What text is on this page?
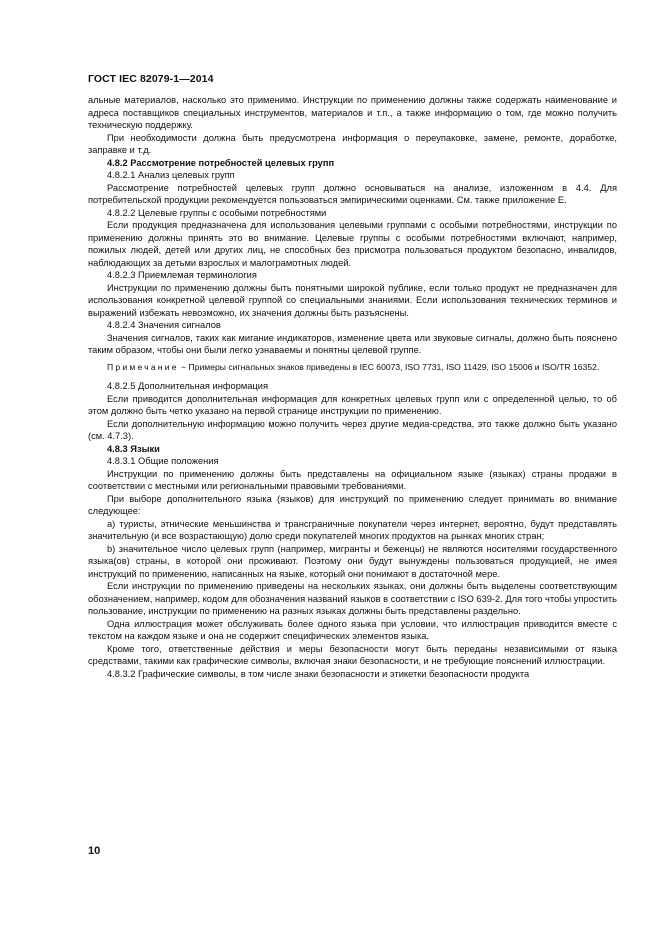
ГОСТ IEC 82079-1—2014

альные материалов, насколько это применимо. Инструкции по применению должны также содержать наименование и адреса поставщиков специальных инструментов, материалов и т.п., а также информацию о том, где можно получить техническую поддержку.

При необходимости должна быть предусмотрена информация о переупаковке, замене, ремонте, доработке, заправке и т.д.

4.8.2 Рассмотрение потребностей целевых групп

4.8.2.1 Анализ целевых групп

Рассмотрение потребностей целевых групп должно основываться на анализе, изложенном в 4.4. Для потребительской продукции рекомендуется пользоваться эмпирическими оценками. См. также приложение Е.

4.8.2.2 Целевые группы с особыми потребностями

Если продукция предназначена для использования целевыми группами с особыми потребностями, инструкции по применению должны принять это во внимание. Целевые группы с особыми потребностями включают, например, пожилых людей, детей или других лиц, не способных без присмотра пользоваться продуктом безопасно, инвалидов, наблюдающих за детьми взрослых и малограмотных людей.

4.8.2.3 Приемлемая терминология

Инструкции по применению должны быть понятными широкой публике, если только продукт не предназначен для использования конкретной целевой группой со специальными знаниями. Если использования технических терминов и выражений избежать невозможно, их значения должны быть разъяснены.

4.8.2.4 Значения сигналов

Значения сигналов, таких как мигание индикаторов, изменение цвета или звуковые сигналы, должно быть пояснено таким образом, чтобы они были легко узнаваемы и понятны целевой группе.

Примечание − Примеры сигнальных знаков приведены в IEC 60073, ISO 7731, ISO 11429, ISO 15006 и ISO/TR 16352.

4.8.2.5 Дополнительная информация

Если приводится дополнительная информация для конкретных целевых групп или с определенной целью, то об этом должно быть четко указано на первой странице инструкции по применению.

Если дополнительную информацию можно получить через другие медиа-средства, это также должно быть указано (см. 4.7.3).

4.8.3 Языки

4.8.3.1 Общие положения

Инструкции по применению должны быть представлены на официальном языке (языках) страны продажи в соответствии с местными или региональными правовыми требованиями.

При выборе дополнительного языка (языков) для инструкций по применению следует принимать во внимание следующее:

а) туристы, этнические меньшинства и трансграничные покупатели через интернет, вероятно, будут представлять значительную (и все возрастающую) долю среди покупателей многих продуктов на рынках многих стран;

b) значительное число целевых групп (например, мигранты и беженцы) не являются носителями государственного языка(ов) страны, в которой они проживают. Поэтому они будут вынуждены пользоваться продукцией, не имея инструкций по применению, написанных на языке, который они понимают в достаточной мере.

Если инструкции по применению приведены на нескольких языках, они должны быть выделены соответствующим обозначением, например, кодом для обозначения названий языков в соответствии с ISO 639-2. Для того чтобы упростить пользование, инструкции по применению на разных языках должны быть представлены раздельно.

Одна иллюстрация может обслуживать более одного языка при условии, что иллюстрация приводится вместе с текстом на каждом языке и она не содержит специфических элементов языка.

Кроме того, ответственные действия и меры безопасности могут быть переданы независимыми от языка средствами, такими как графические символы, включая знаки безопасности, и не требующие пояснений иллюстрации.

4.8.3.2 Графические символы, в том числе знаки безопасности и этикетки безопасности продукта

10
